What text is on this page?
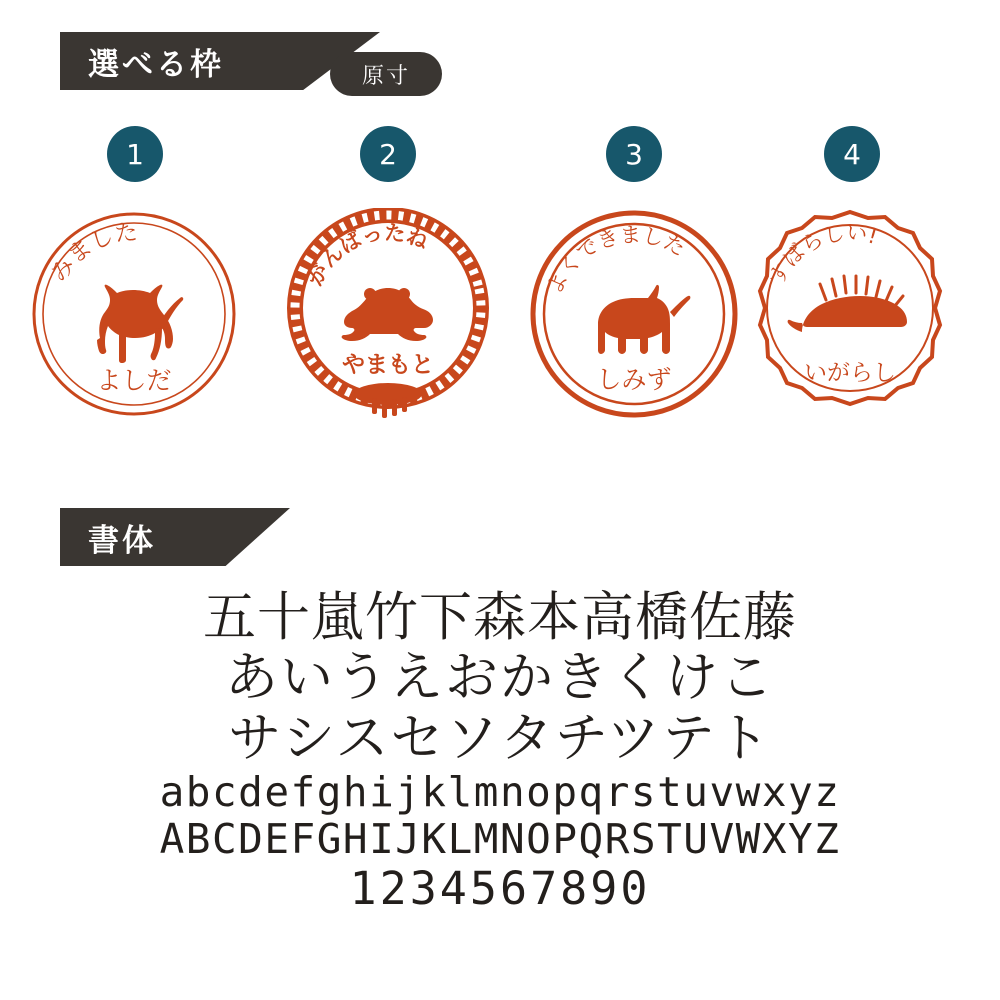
選べる枠	原寸
1	2	3	4
みました
よしだ
がんばったね
やまもと
よくできました
しみず
すばらしい!
いがらし
書体
五十嵐竹下森本高橋佐藤
あいうえおかきくけこ
サシスセソタチツテト
abcdefghijklmnopqrstuvwxyz
ABCDEFGHIJKLMNOPQRSTUVWXYZ
1234567890
